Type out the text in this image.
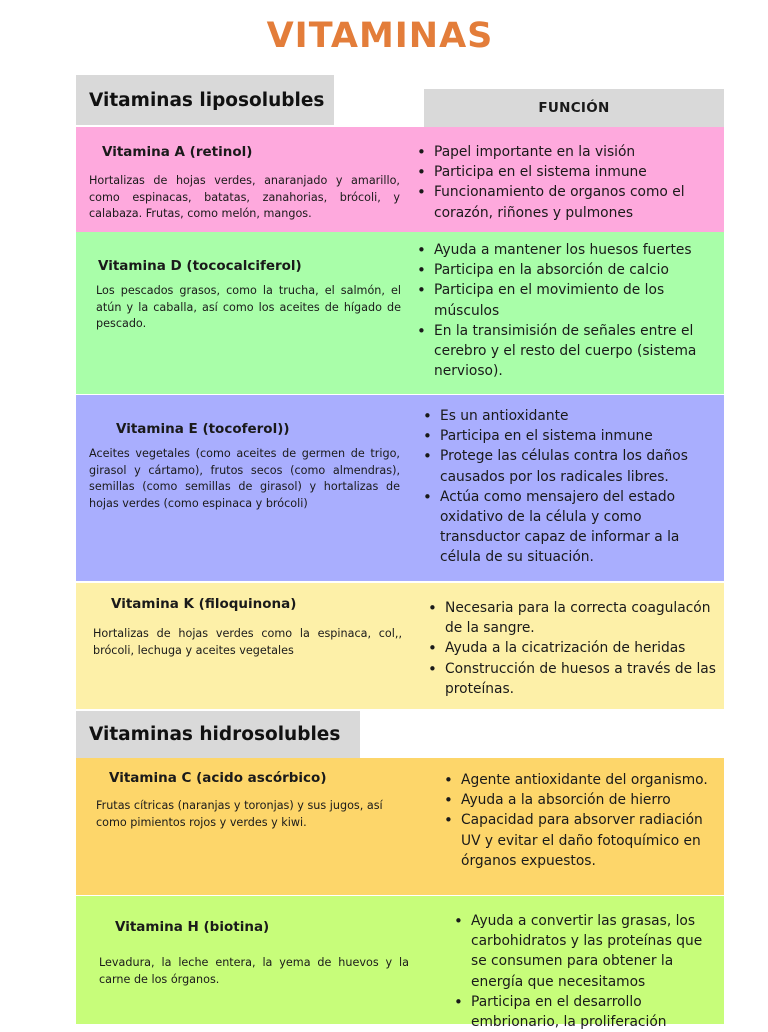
VITAMINAS
Vitaminas liposolubles	FUNCIÓN
Vitamina A (retinol)
Hortalizas de hojas verdes, anaranjado y amarillo, como espinacas, batatas, zanahorias, brócoli, y calabaza. Frutas, como melón, mangos.
• Papel importante en la visión
• Participa en el sistema inmune
• Funcionamiento de organos como el corazón, riñones y pulmones
Vitamina D (tococalciferol)
Los pescados grasos, como la trucha, el salmón, el atún y la caballa, así como los aceites de hígado de pescado.
• Ayuda a mantener los huesos fuertes
• Participa en la absorción de calcio
• Participa en el movimiento de los músculos
• En la transimisión de señales entre el cerebro y el resto del cuerpo (sistema nervioso).
Vitamina E (tocoferol))
Aceites vegetales (como aceites de germen de trigo, girasol y cártamo), frutos secos (como almendras), semillas (como semillas de girasol) y hortalizas de hojas verdes (como espinaca y brócoli)
• Es un antioxidante
• Participa en el sistema inmune
• Protege las células contra los daños causados por los radicales libres.
• Actúa como mensajero del estado oxidativo de la célula y como transductor capaz de informar a la célula de su situación.
Vitamina K (filoquinona)
Hortalizas de hojas verdes como la espinaca, col,, brócoli, lechuga y aceites vegetales
• Necesaria para la correcta coagulacón de la sangre.
• Ayuda a la cicatrización de heridas
• Construcción de huesos a través de las proteínas.
Vitaminas hidrosolubles
Vitamina C (acido ascórbico)
Frutas cítricas (naranjas y toronjas) y sus jugos, así como pimientos rojos y verdes y kiwi.
• Agente antioxidante del organismo.
• Ayuda a la absorción de hierro
• Capacidad para absorver radiación UV y evitar el daño fotoquímico en órganos expuestos.
Vitamina H (biotina)
Levadura, la leche entera, la yema de huevos y la carne de los órganos.
• Ayuda a convertir las grasas, los carbohidratos y las proteínas que se consumen para obtener la energía que necesitamos
• Participa en el desarrollo embrionario, la proliferación
